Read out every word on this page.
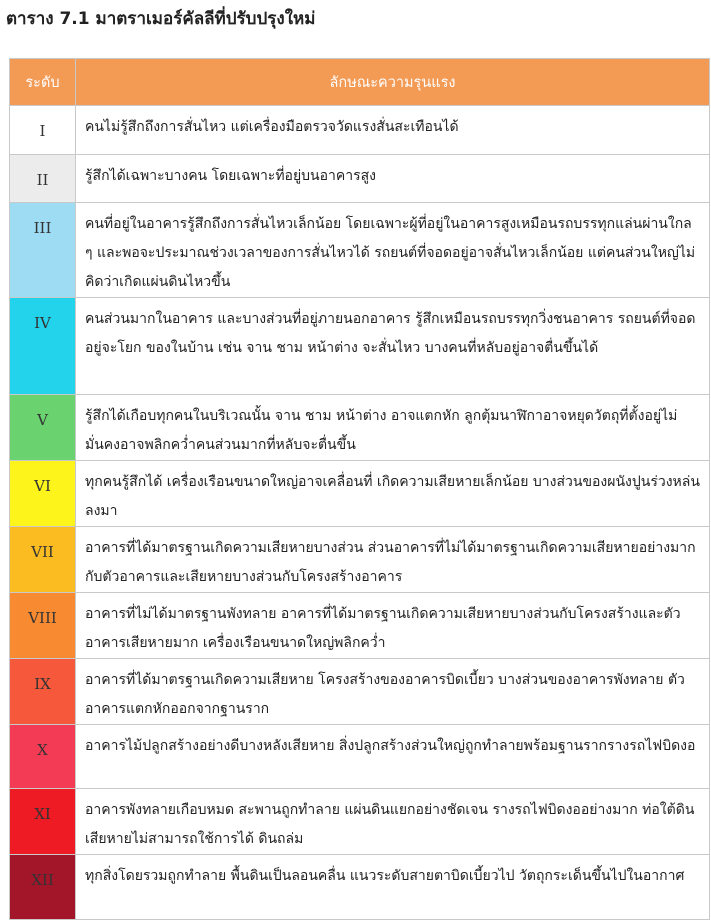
ตาราง 7.1 มาตราเมอร์คัลลีที่ปรับปรุงใหม่
ระดับ	ลักษณะความรุนแรง
I	คนไม่รู้สึกถึงการสั่นไหว แต่เครื่องมือตรวจวัดแรงสั่นสะเทือนได้
II	รู้สึกได้เฉพาะบางคน โดยเฉพาะที่อยู่บนอาคารสูง
III	คนที่อยู่ในอาคารรู้สึกถึงการสั่นไหวเล็กน้อย โดยเฉพาะผู้ที่อยู่ในอาคารสูงเหมือนรถบรรทุกแล่นผ่านใกล ๆ และพอจะประมาณช่วงเวลาของการสั่นไหวได้ รถยนต์ที่จอดอยู่อาจสั่นไหวเล็กน้อย แต่คนส่วนใหญ่ไม่คิดว่าเกิดแผ่นดินไหวขึ้น
IV	คนส่วนมากในอาคาร และบางส่วนที่อยู่ภายนอกอาคาร รู้สึกเหมือนรถบรรทุกวิ่งชนอาคาร รถยนต์ที่จอดอยู่จะโยก ของในบ้าน เช่น จาน ชาม หน้าต่าง จะสั่นไหว บางคนที่หลับอยู่อาจตื่นขึ้นได้
V	รู้สึกได้เกือบทุกคนในบริเวณนั้น จาน ชาม หน้าต่าง อาจแตกหัก ลูกตุ้มนาฬิกาอาจหยุดวัตถุที่ตั้งอยู่ไม่มั่นคงอาจพลิกคว่ำคนส่วนมากที่หลับจะตื่นขึ้น
VI	ทุกคนรู้สึกได้ เครื่องเรือนขนาดใหญ่อาจเคลื่อนที่ เกิดความเสียหายเล็กน้อย บางส่วนของผนังปูนร่วงหล่นลงมา
VII	อาคารที่ได้มาตรฐานเกิดความเสียหายบางส่วน ส่วนอาคารที่ไม่ได้มาตรฐานเกิดความเสียหายอย่างมากกับตัวอาคารและเสียหายบางส่วนกับโครงสร้างอาคาร
VIII	อาคารที่ไม่ได้มาตรฐานพังทลาย อาคารที่ได้มาตรฐานเกิดความเสียหายบางส่วนกับโครงสร้างและตัวอาคารเสียหายมาก เครื่องเรือนขนาดใหญ่พลิกคว่ำ
IX	อาคารที่ได้มาตรฐานเกิดความเสียหาย โครงสร้างของอาคารบิดเบี้ยว บางส่วนของอาคารพังทลาย ตัวอาคารแตกหักออกจากฐานราก
X	อาคารไม้ปลูกสร้างอย่างดีบางหลังเสียหาย สิ่งปลูกสร้างส่วนใหญ่ถูกทำลายพร้อมฐานรากรางรถไฟบิดงอ
XI	อาคารพังทลายเกือบหมด สะพานถูกทำลาย แผ่นดินแยกอย่างชัดเจน รางรถไฟบิดงออย่างมาก ท่อใต้ดินเสียหายไม่สามารถใช้การได้ ดินถล่ม
XII	ทุกสิ่งโดยรวมถูกทำลาย พื้นดินเป็นลอนคลื่น แนวระดับสายตาบิดเบี้ยวไป วัตถุกระเด็นขึ้นไปในอากาศ
